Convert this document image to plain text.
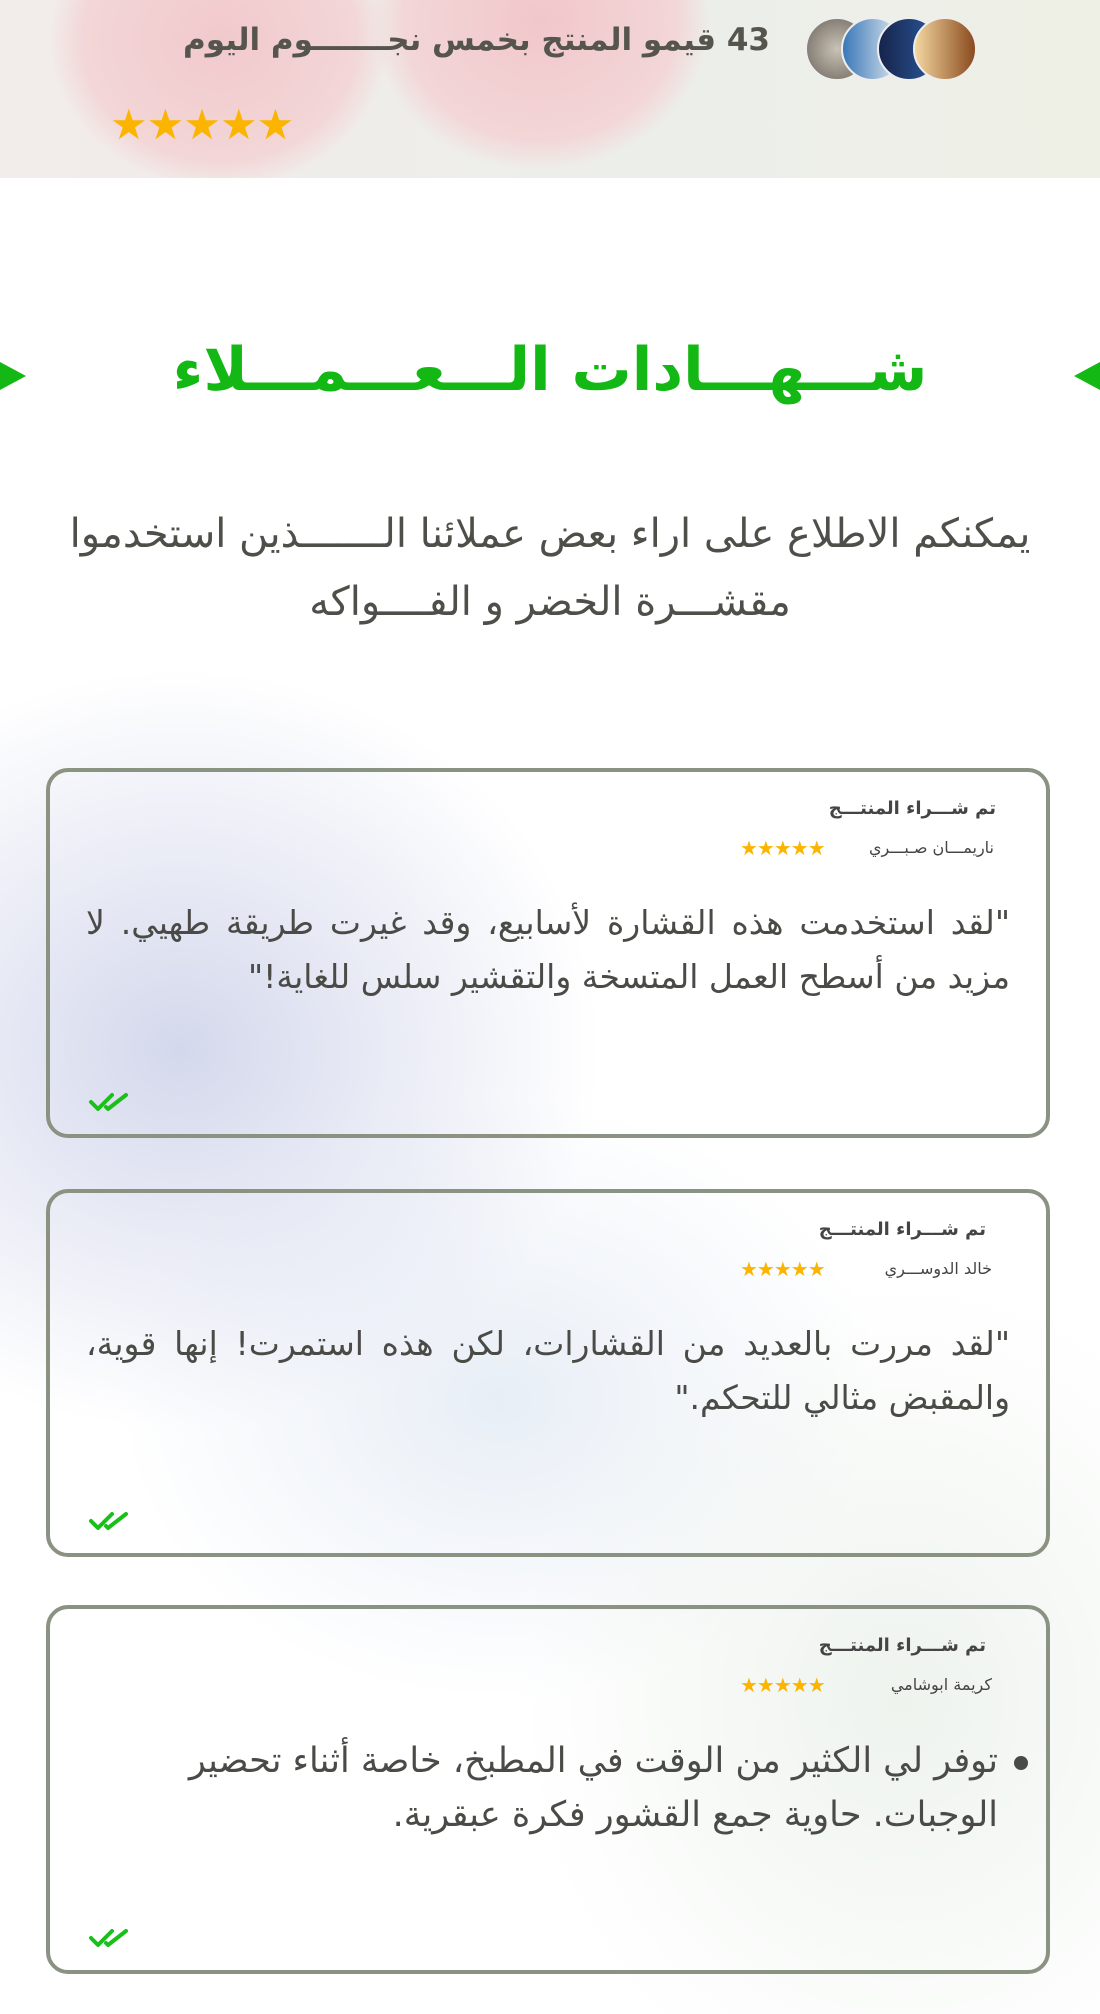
43 قيمو المنتج بخمس نجـــــــوم اليوم
★★★★★
شـــهـــادات الـــعـــمـــلاء
يمكنكم الاطلاع على اراء بعض عملائنا الـــــــذين استخدموا مقشـــرة الخضر و الفــــواكه
تم شـــراء المنتـــج
ناريمـــان صـبـــري
★★★★★
"لقد استخدمت هذه القشارة لأسابيع، وقد غيرت طريقة طهيي. لا مزيد من أسطح العمل المتسخة والتقشير سلس للغاية!"
تم شـــراء المنتـــج
خالد الدوســـري
★★★★★
"لقد مررت بالعديد من القشارات، لكن هذه استمرت! إنها قوية، والمقبض مثالي للتحكم."
تم شـــراء المنتـــج
كريمة ابوشامي
★★★★★
توفر لي الكثير من الوقت في المطبخ، خاصة أثناء تحضير الوجبات. حاوية جمع القشور فكرة عبقرية.
